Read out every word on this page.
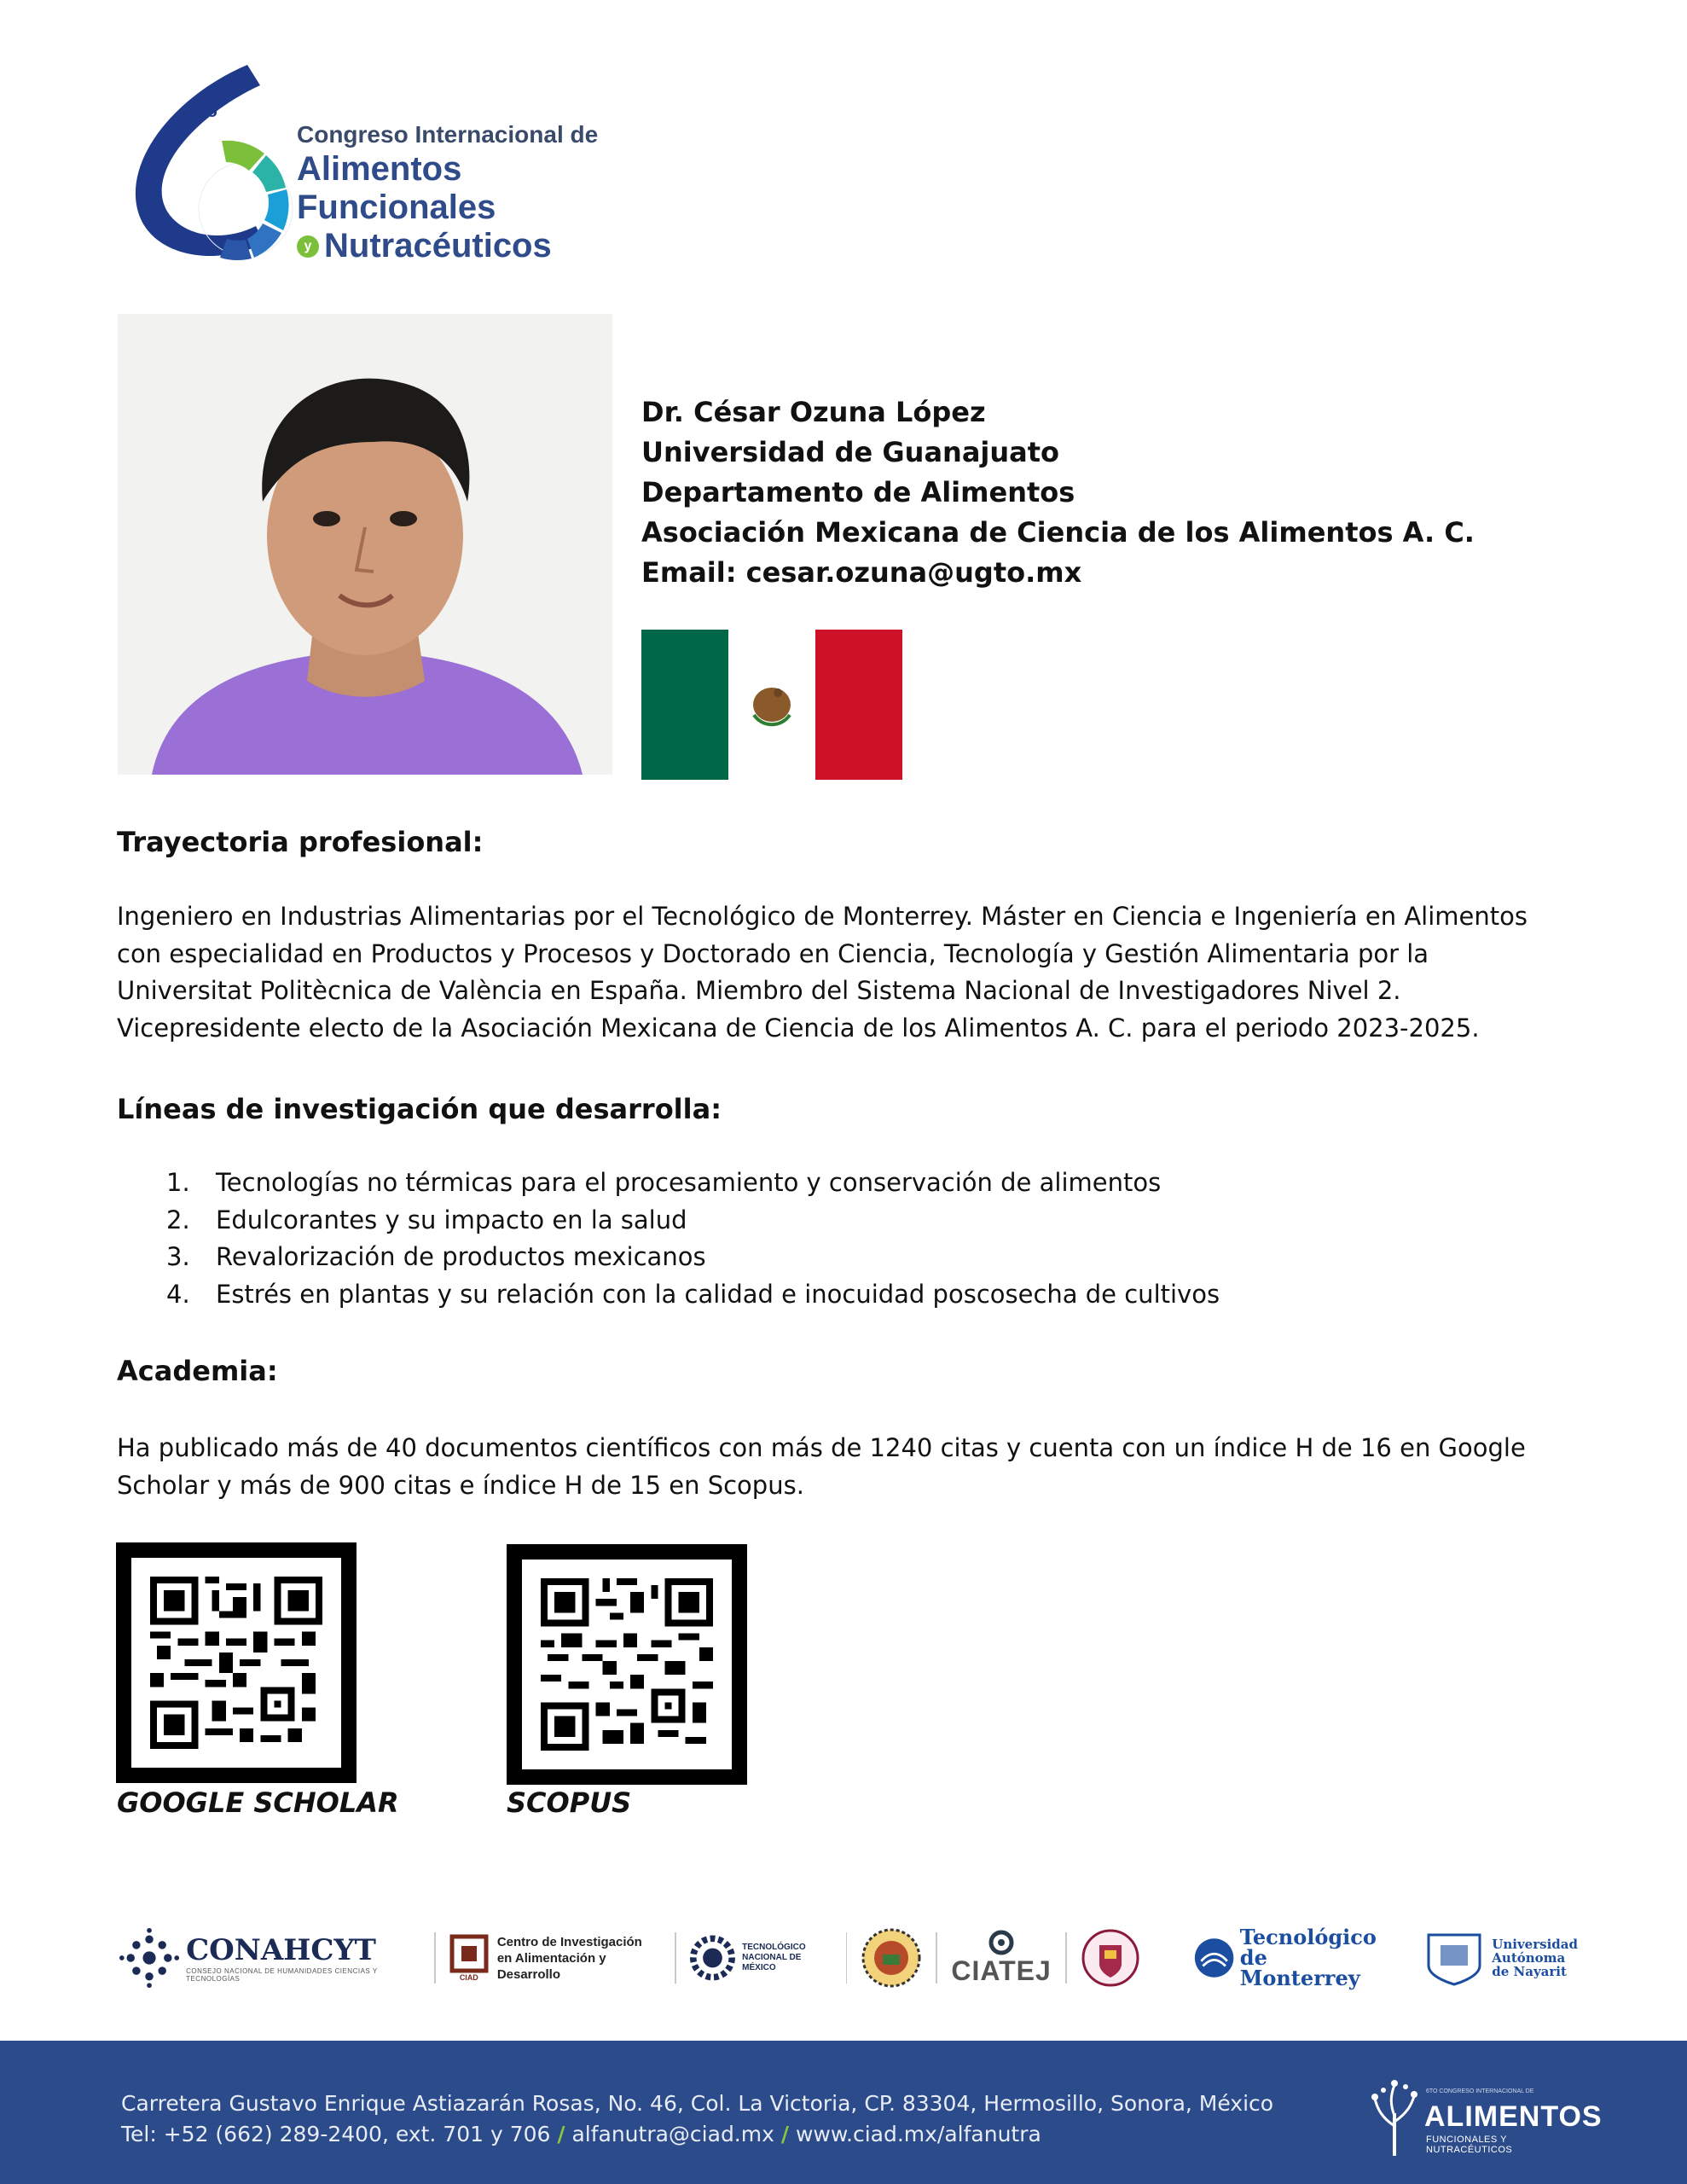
to
Congreso Internacional de
Alimentos Funcionales
y Nutracéuticos
Dr. César Ozuna López
Universidad de Guanajuato
Departamento de Alimentos
Asociación Mexicana de Ciencia de los Alimentos A. C.
Email: cesar.ozuna@ugto.mx
Trayectoria profesional:
Ingeniero en Industrias Alimentarias por el Tecnológico de Monterrey. Máster en Ciencia e Ingeniería en Alimentos con especialidad en Productos y Procesos y Doctorado en Ciencia, Tecnología y Gestión Alimentaria por la Universitat Politècnica de València en España. Miembro del Sistema Nacional de Investigadores Nivel 2. Vicepresidente electo de la Asociación Mexicana de Ciencia de los Alimentos A. C. para el periodo 2023-2025.
Líneas de investigación que desarrolla:
1.	Tecnologías no térmicas para el procesamiento y conservación de alimentos
2.	Edulcorantes y su impacto en la salud
3.	Revalorización de productos mexicanos
4.	Estrés en plantas y su relación con la calidad e inocuidad poscosecha de cultivos
Academia:
Ha publicado más de 40 documentos científicos con más de 1240 citas y cuenta con un índice H de 16 en Google Scholar y más de 900 citas e índice H de 15 en Scopus.
GOOGLE SCHOLAR	SCOPUS
CONAHCYT
CONSEJO NACIONAL DE HUMANIDADES CIENCIAS Y TECNOLOGÍAS	CIAD
Centro de Investigación
en Alimentación y Desarrollo
TECNOLÓGICO
NACIONAL DE MÉXICO	CIATEJ
Tecnológico
de Monterrey
Universidad
Autónoma
de Nayarit
Carretera Gustavo Enrique Astiazarán Rosas, No. 46, Col. La Victoria, CP. 83304, Hermosillo, Sonora, México
Tel: +52 (662) 289-2400, ext. 701 y 706 / alfanutra@ciad.mx / www.ciad.mx/alfanutra
6TO CONGRESO INTERNACIONAL DE
ALIMENTOS
FUNCIONALES Y NUTRACÉUTICOS
